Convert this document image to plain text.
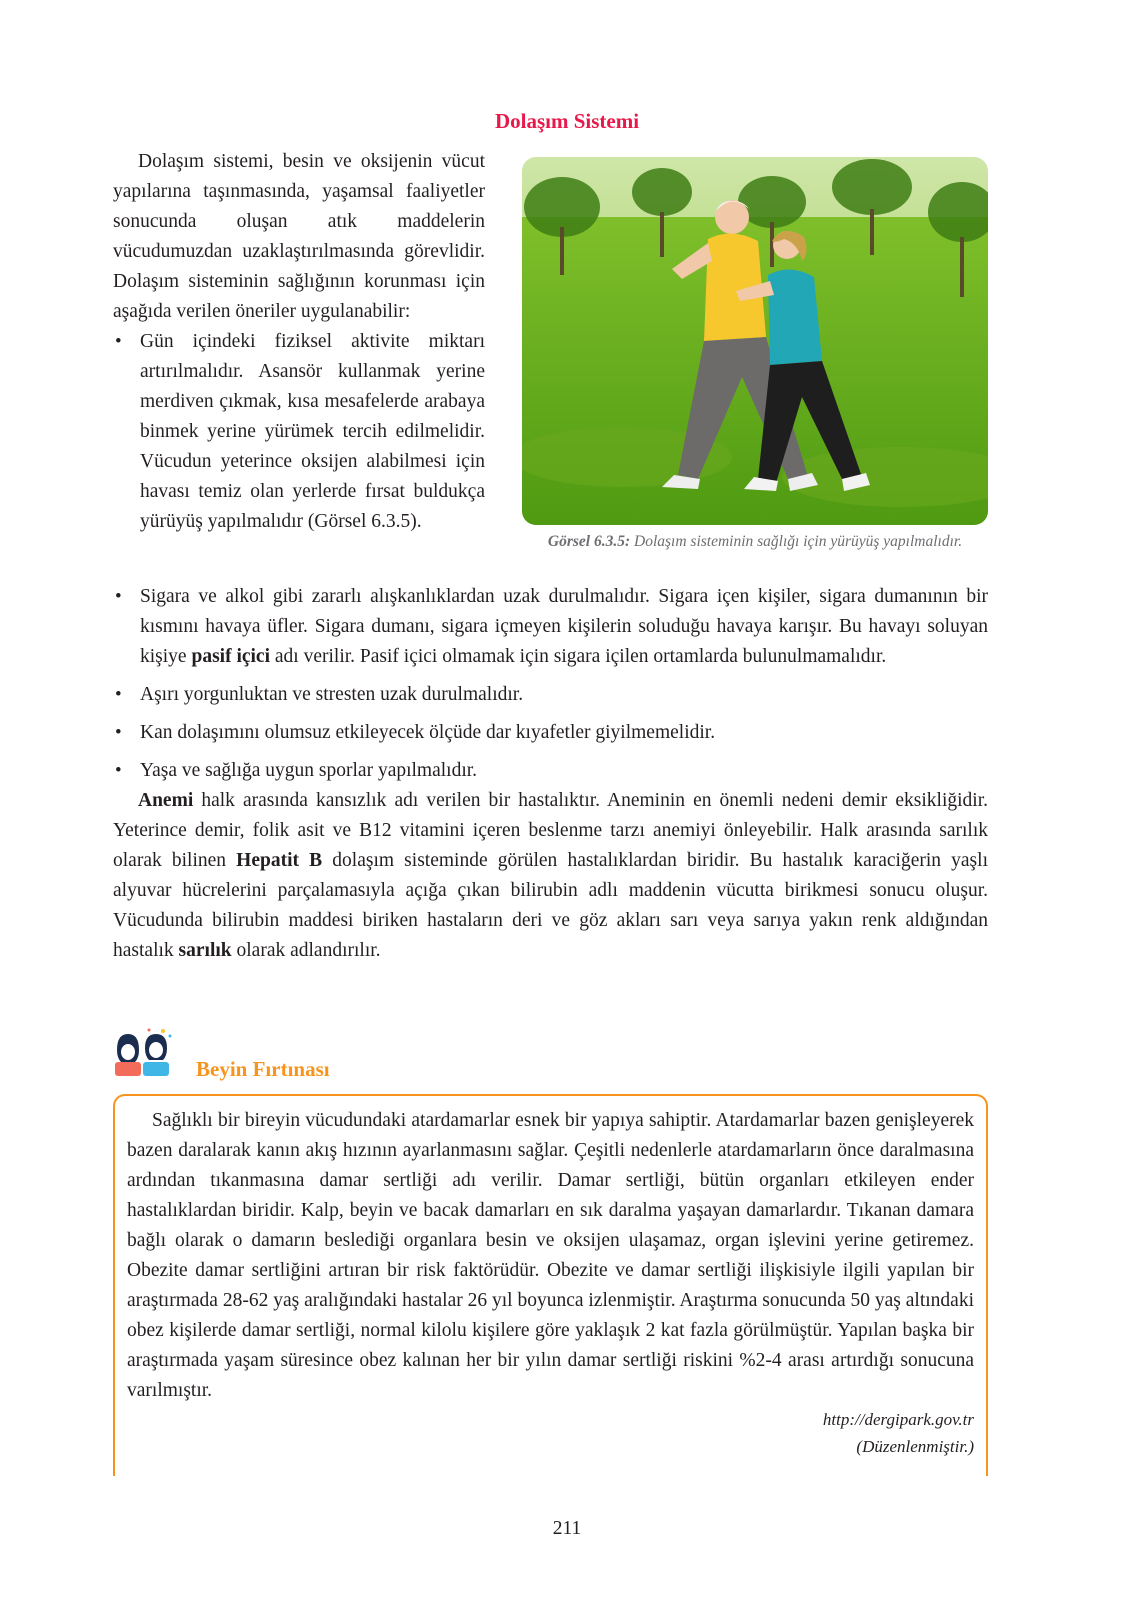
Dolaşım Sistemi

Dolaşım sistemi, besin ve oksijenin vücut yapılarına taşınmasında, yaşamsal faaliyetler sonucunda oluşan atık maddelerin vücudumuzdan uzaklaştırılmasında görevlidir. Dolaşım sisteminin sağlığının korunması için aşağıda verilen öneriler uygulanabilir:

• Gün içindeki fiziksel aktivite miktarı artırılmalıdır. Asansör kullanmak yerine merdiven çıkmak, kısa mesafelerde arabaya binmek yerine yürümek tercih edilmelidir. Vücudun yeterince oksijen alabilmesi için havası temiz olan yerlerde fırsat buldukça yürüyüş yapılmalıdır (Görsel 6.3.5).
Görsel 6.3.5: Dolaşım sisteminin sağlığı için yürüyüş yapılmalıdır.
• Sigara ve alkol gibi zararlı alışkanlıklardan uzak durulmalıdır. Sigara içen kişiler, sigara dumanının bir kısmını havaya üfler. Sigara dumanı, sigara içmeyen kişilerin soluduğu havaya karışır. Bu havayı soluyan kişiye pasif içici adı verilir. Pasif içici olmamak için sigara içilen ortamlarda bulunulmamalıdır.
• Aşırı yorgunluktan ve stresten uzak durulmalıdır.
• Kan dolaşımını olumsuz etkileyecek ölçüde dar kıyafetler giyilmemelidir.
• Yaşa ve sağlığa uygun sporlar yapılmalıdır.

Anemi halk arasında kansızlık adı verilen bir hastalıktır. Aneminin en önemli nedeni demir eksikliğidir. Yeterince demir, folik asit ve B12 vitamini içeren beslenme tarzı anemiyi önleyebilir. Halk arasında sarılık olarak bilinen Hepatit B dolaşım sisteminde görülen hastalıklardan biridir. Bu hastalık karaciğerin yaşlı alyuvar hücrelerini parçalamasıyla açığa çıkan bilirubin adlı maddenin vücutta birikmesi sonucu oluşur. Vücudunda bilirubin maddesi biriken hastaların deri ve göz akları sarı veya sarıya yakın renk aldığından hastalık sarılık olarak adlandırılır.

Beyin Fırtınası

Sağlıklı bir bireyin vücudundaki atardamarlar esnek bir yapıya sahiptir. Atardamarlar bazen genişleyerek bazen daralarak kanın akış hızının ayarlanmasını sağlar. Çeşitli nedenlerle atardamarların önce daralmasına ardından tıkanmasına damar sertliği adı verilir. Damar sertliği, bütün organları etkileyen ender hastalıklardan biridir. Kalp, beyin ve bacak damarları en sık daralma yaşayan damarlardır. Tıkanan damara bağlı olarak o damarın beslediği organlara besin ve oksijen ulaşamaz, organ işlevini yerine getiremez. Obezite damar sertliğini artıran bir risk faktörüdür. Obezite ve damar sertliği ilişkisiyle ilgili yapılan bir araştırmada 28-62 yaş aralığındaki hastalar 26 yıl boyunca izlenmiştir. Araştırma sonucunda 50 yaş altındaki obez kişilerde damar sertliği, normal kilolu kişilere göre yaklaşık 2 kat fazla görülmüştür. Yapılan başka bir araştırmada yaşam süresince obez kalınan her bir yılın damar sertliği riskini %2-4 arası artırdığı sonucuna varılmıştır.

http://dergipark.gov.tr

(Düzenlenmiştir.)

211
